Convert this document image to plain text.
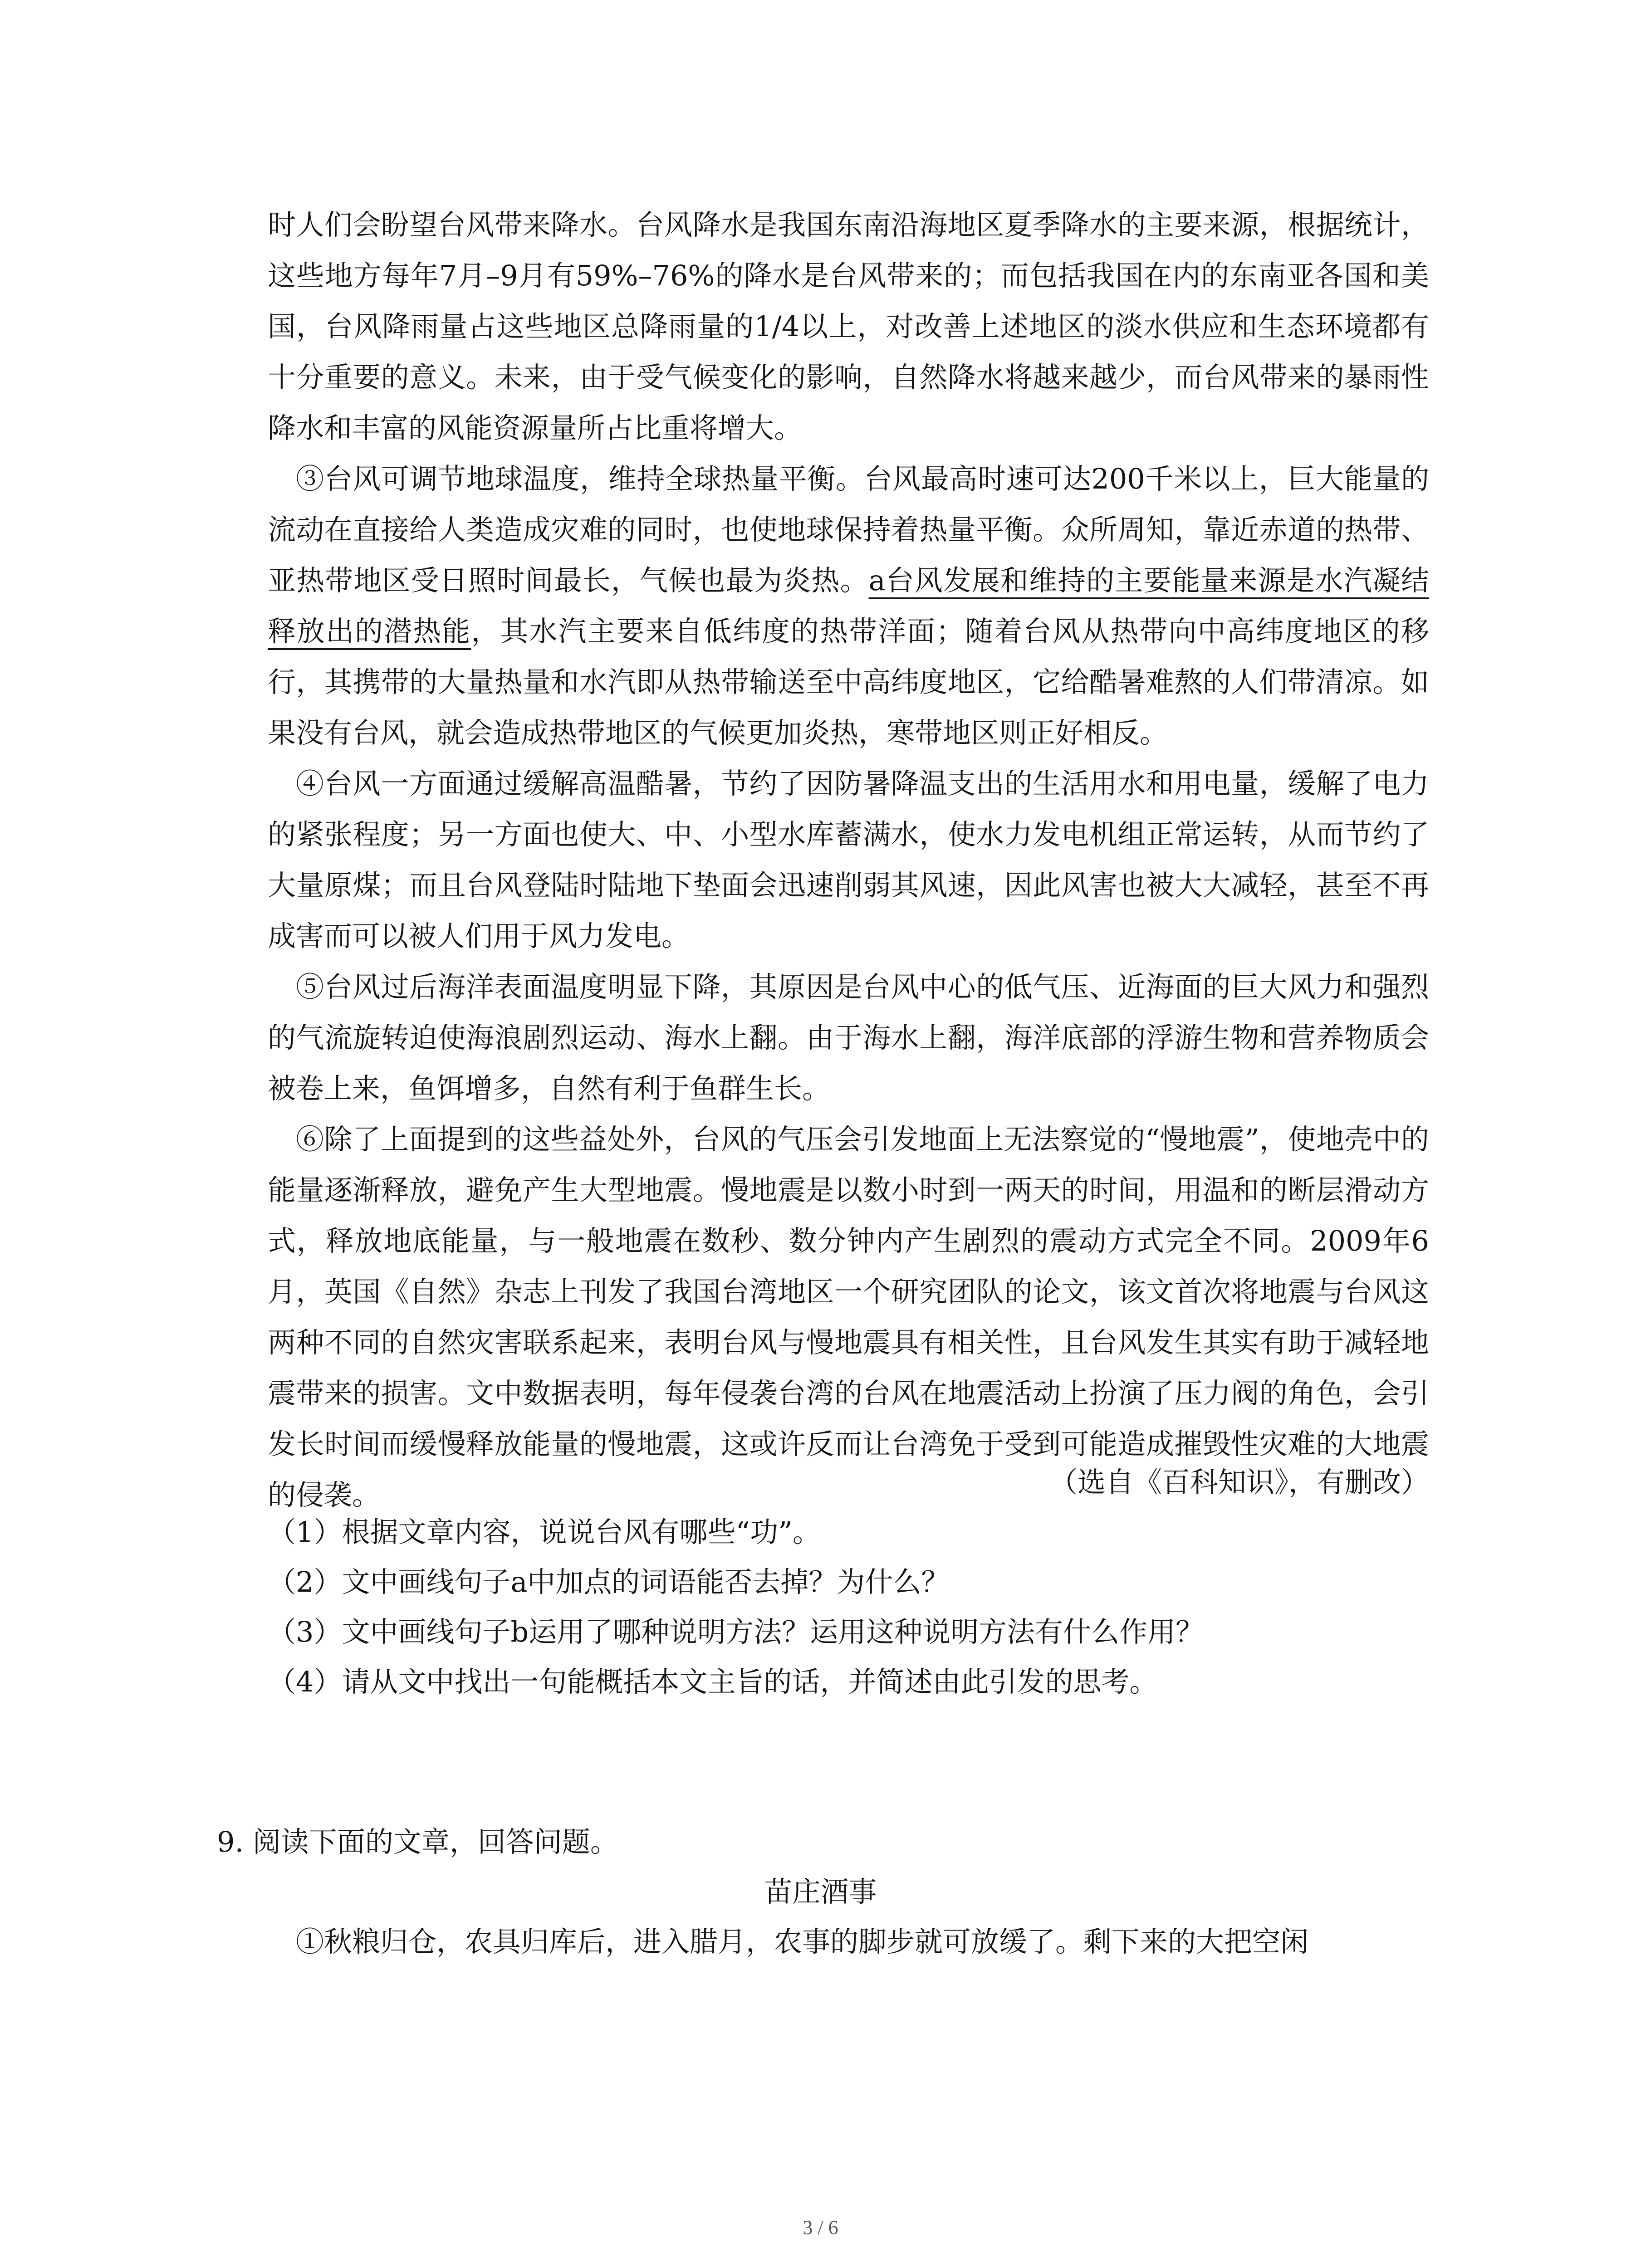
时人们会盼望台风带来降水。台风降水是我国东南沿海地区夏季降水的主要来源，根据统计，这些地方每年7月–9月有59%–76%的降水是台风带来的；而包括我国在内的东南亚各国和美国，台风降雨量占这些地区总降雨量的1/4以上，对改善上述地区的淡水供应和生态环境都有十分重要的意义。未来，由于受气候变化的影响，自然降水将越来越少，而台风带来的暴雨性降水和丰富的风能资源量所占比重将增大。

③台风可调节地球温度，维持全球热量平衡。台风最高时速可达200千米以上，巨大能量的流动在直接给人类造成灾难的同时，也使地球保持着热量平衡。众所周知，靠近赤道的热带、亚热带地区受日照时间最长，气候也最为炎热。a台风发展和维持的主要能量来源是水汽凝结释放出的潜热能，其水汽主要来自低纬度的热带洋面；随着台风从热带向中高纬度地区的移行，其携带的大量热量和水汽即从热带输送至中高纬度地区，它给酷暑难熬的人们带清凉。如果没有台风，就会造成热带地区的气候更加炎热，寒带地区则正好相反。

④台风一方面通过缓解高温酷暑，节约了因防暑降温支出的生活用水和用电量，缓解了电力的紧张程度；另一方面也使大、中、小型水库蓄满水，使水力发电机组正常运转，从而节约了大量原煤；而且台风登陆时陆地下垫面会迅速削弱其风速，因此风害也被大大减轻，甚至不再成害而可以被人们用于风力发电。

⑤台风过后海洋表面温度明显下降，其原因是台风中心的低气压、近海面的巨大风力和强烈的气流旋转迫使海浪剧烈运动、海水上翻。由于海水上翻，海洋底部的浮游生物和营养物质会被卷上来，鱼饵增多，自然有利于鱼群生长。

⑥除了上面提到的这些益处外，台风的气压会引发地面上无法察觉的“慢地震”，使地壳中的能量逐渐释放，避免产生大型地震。慢地震是以数小时到一两天的时间，用温和的断层滑动方式，释放地底能量，与一般地震在数秒、数分钟内产生剧烈的震动方式完全不同。2009年6月，英国《自然》杂志上刊发了我国台湾地区一个研究团队的论文，该文首次将地震与台风这两种不同的自然灾害联系起来，表明台风与慢地震具有相关性，且台风发生其实有助于减轻地震带来的损害。文中数据表明，每年侵袭台湾的台风在地震活动上扮演了压力阀的角色，会引发长时间而缓慢释放能量的慢地震，这或许反而让台湾免于受到可能造成摧毁性灾难的大地震的侵袭。	（选自《百科知识》，有删改）
（1）根据文章内容，说说台风有哪些“功”。
（2）文中画线句子a中加点的词语能否去掉？为什么？
（3）文中画线句子b运用了哪种说明方法？运用这种说明方法有什么作用？
（4）请从文中找出一句能概括本文主旨的话，并简述由此引发的思考。
9. 阅读下面的文章，回答问题。
苗庄酒事

①秋粮归仓，农具归库后，进入腊月，农事的脚步就可放缓了。剩下来的大把空闲

3 / 6
